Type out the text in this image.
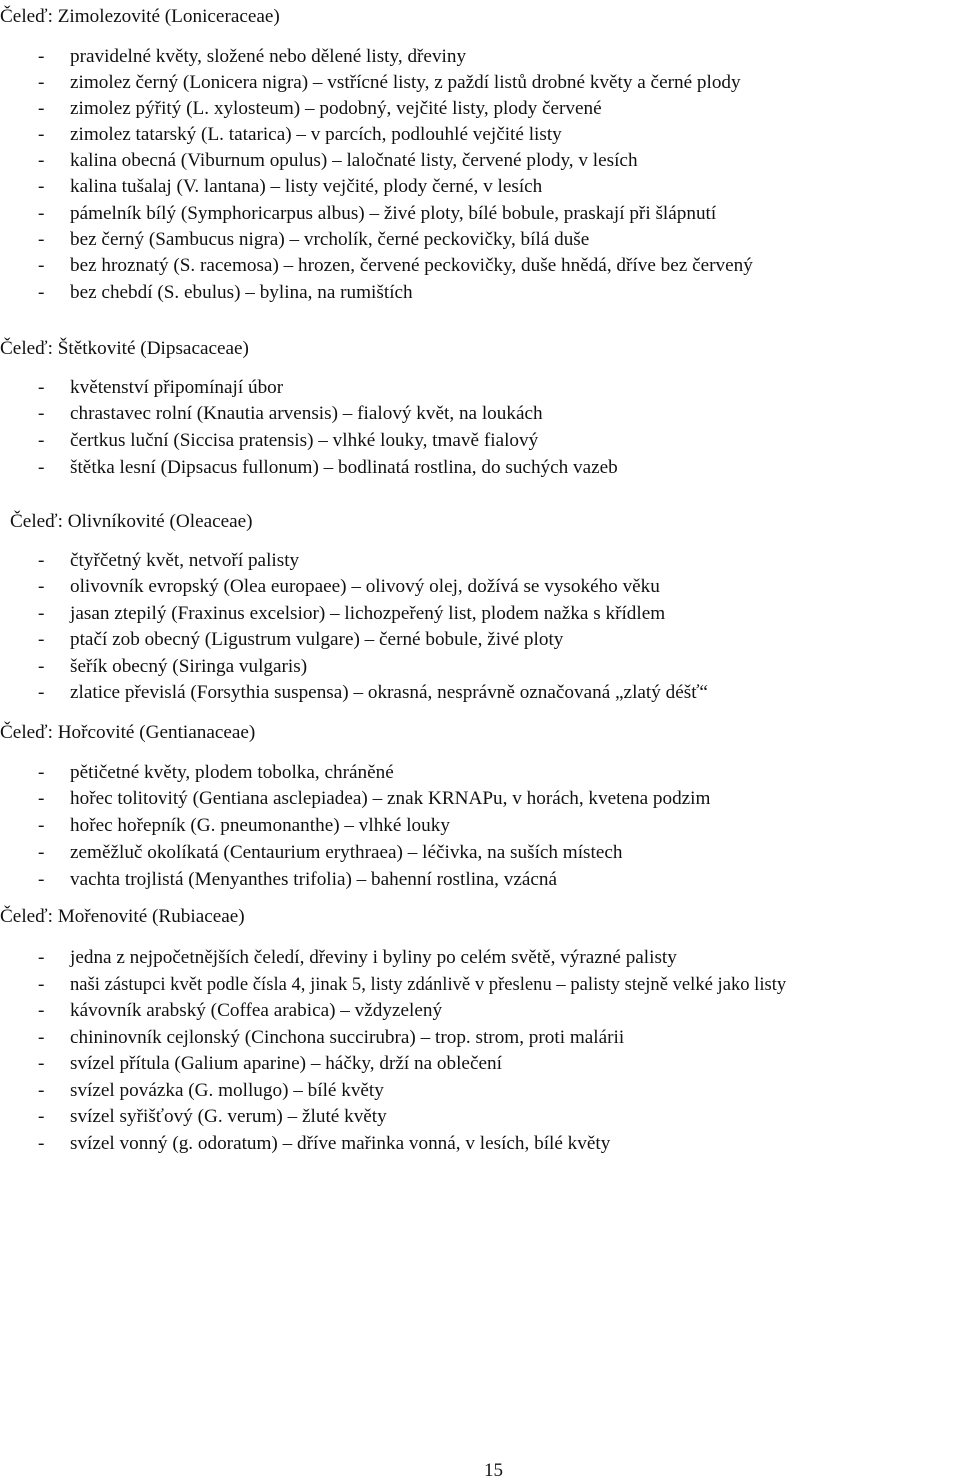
Čeleď: Zimolezovité (Loniceraceae)
- pravidelné květy, složené nebo dělené listy, dřeviny
- zimolez černý (Lonicera nigra) – vstřícné listy, z paždí listů drobné květy a černé plody
- zimolez pýřitý (L. xylosteum) – podobný, vejčité listy, plody červené
- zimolez tatarský (L. tatarica) – v parcích, podlouhlé vejčité listy
- kalina obecná (Viburnum opulus) – laločnaté listy, červené plody, v lesích
- kalina tušalaj (V. lantana) – listy vejčité, plody černé, v lesích
- pámelník bílý (Symphoricarpus albus) – živé ploty, bílé bobule, praskají při šlápnutí
- bez černý (Sambucus nigra) – vrcholík, černé peckovičky, bílá duše
- bez hroznatý (S. racemosa) – hrozen, červené peckovičky, duše hnědá, dříve bez červený
- bez chebdí (S. ebulus) – bylina, na rumištích
Čeleď: Štětkovité (Dipsacaceae)
- květenství připomínají úbor
- chrastavec rolní (Knautia arvensis) – fialový květ, na loukách
- čertkus luční (Siccisa pratensis) – vlhké louky, tmavě fialový
- štětka lesní (Dipsacus fullonum) – bodlinatá rostlina, do suchých vazeb
Čeleď: Olivníkovité (Oleaceae)
- čtyřčetný květ, netvoří palisty
- olivovník evropský (Olea europaee) – olivový olej, dožívá se vysokého věku
- jasan ztepilý (Fraxinus excelsior) – lichozpeřený list, plodem nažka s křídlem
- ptačí zob obecný (Ligustrum vulgare) – černé bobule, živé ploty
- šeřík obecný (Siringa vulgaris)
- zlatice převislá (Forsythia suspensa) – okrasná, nesprávně označovaná „zlatý déšť“
Čeleď: Hořcovité (Gentianaceae)
- pětičetné květy, plodem tobolka, chráněné
- hořec tolitovitý (Gentiana asclepiadea) – znak KRNAPu, v horách, kvetena podzim
- hořec hořepník (G. pneumonanthe) – vlhké louky
- zeměžluč okolíkatá (Centaurium erythraea) – léčivka, na suších místech
- vachta trojlistá (Menyanthes trifolia) – bahenní rostlina, vzácná
Čeleď: Mořenovité (Rubiaceae)
- jedna z nejpočetnějších čeledí, dřeviny i byliny po celém světě, výrazné palisty
- naši zástupci květ podle čísla 4, jinak 5, listy zdánlivě v přeslenu – palisty stejně velké jako listy
- kávovník arabský (Coffea arabica) – vždyzelený
- chininovník cejlonský (Cinchona succirubra) – trop. strom, proti malárii
- svízel přítula (Galium aparine) – háčky, drží na oblečení
- svízel povázka (G. mollugo) – bílé květy
- svízel syřišťový (G. verum) – žluté květy
- svízel vonný (g. odoratum) – dříve mařinka vonná, v lesích, bílé květy
15
